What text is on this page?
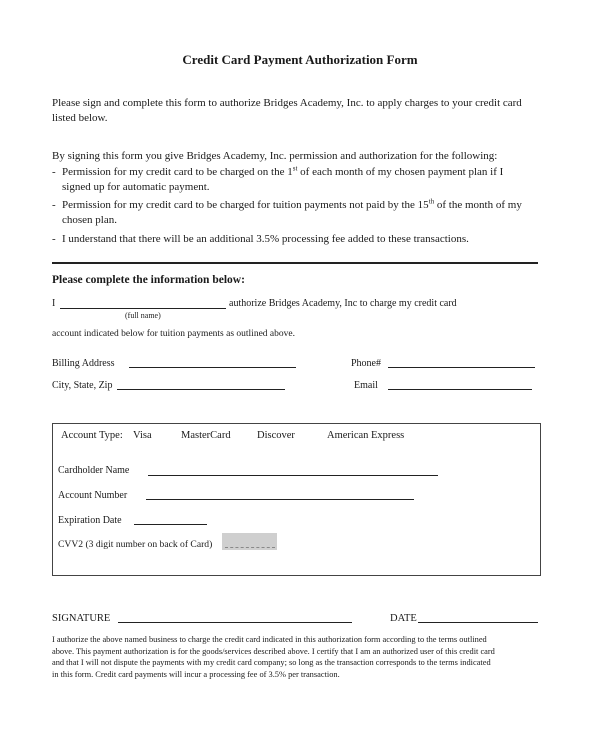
Credit Card Payment Authorization Form
Please sign and complete this form to authorize Bridges Academy, Inc. to apply charges to your credit card
listed below.
By signing this form you give Bridges Academy, Inc. permission and authorization for the following:
- Permission for my credit card to be charged on the 1st of each month of my chosen payment plan if I
signed up for automatic payment.
- Permission for my credit card to be charged for tuition payments not paid by the 15th of the month of my
chosen plan.
- I understand that there will be an additional 3.5% processing fee added to these transactions.
Please complete the information below:
I	authorize Bridges Academy, Inc to charge my credit card
(full name)
account indicated below for tuition payments as outlined above.
Billing Address	Phone#
City, State, Zip	Email
Account Type: Visa	MasterCard	Discover	American Express
Cardholder Name
Account Number
Expiration Date
CVV2 (3 digit number on back of Card)
SIGNATURE	DATE
I authorize the above named business to charge the credit card indicated in this authorization form according to the terms outlined
above. This payment authorization is for the goods/services described above. I certify that I am an authorized user of this credit card
and that I will not dispute the payments with my credit card company; so long as the transaction corresponds to the terms indicated
in this form. Credit card payments will incur a processing fee of 3.5% per transaction.
